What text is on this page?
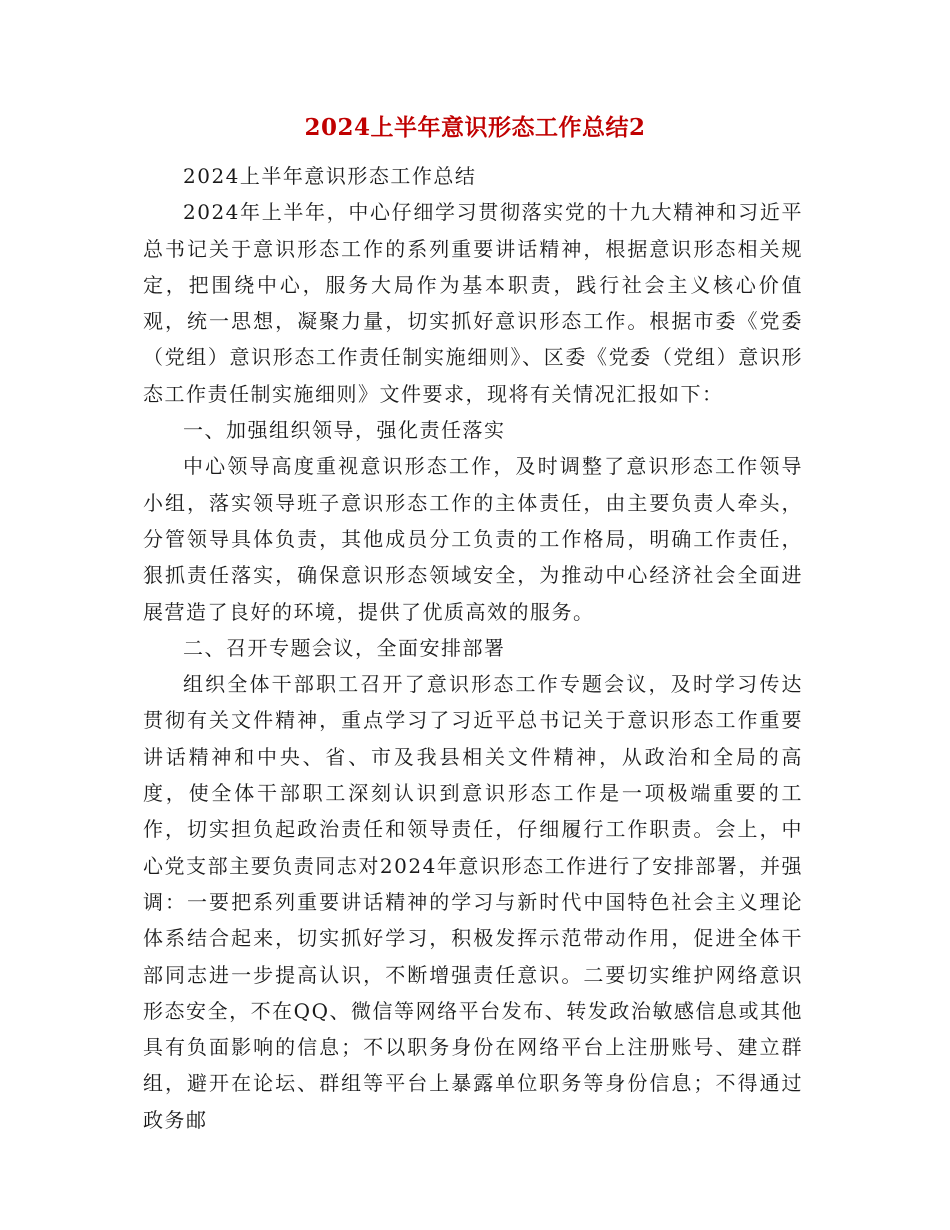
2024上半年意识形态工作总结2

2024上半年意识形态工作总结

2024年上半年，中心仔细学习贯彻落实党的十九大精神和习近平总书记关于意识形态工作的系列重要讲话精神，根据意识形态相关规定，把围绕中心，服务大局作为基本职责，践行社会主义核心价值观，统一思想，凝聚力量，切实抓好意识形态工作。根据市委《党委（党组）意识形态工作责任制实施细则》、区委《党委（党组）意识形态工作责任制实施细则》文件要求，现将有关情况汇报如下：

一、加强组织领导，强化责任落实

中心领导高度重视意识形态工作，及时调整了意识形态工作领导小组，落实领导班子意识形态工作的主体责任，由主要负责人牵头，分管领导具体负责，其他成员分工负责的工作格局，明确工作责任，狠抓责任落实，确保意识形态领域安全，为推动中心经济社会全面进展营造了良好的环境，提供了优质高效的服务。

二、召开专题会议，全面安排部署

组织全体干部职工召开了意识形态工作专题会议，及时学习传达贯彻有关文件精神，重点学习了习近平总书记关于意识形态工作重要讲话精神和中央、省、市及我县相关文件精神，从政治和全局的高度，使全体干部职工深刻认识到意识形态工作是一项极端重要的工作，切实担负起政治责任和领导责任，仔细履行工作职责。会上，中心党支部主要负责同志对2024年意识形态工作进行了安排部署，并强调：一要把系列重要讲话精神的学习与新时代中国特色社会主义理论体系结合起来，切实抓好学习，积极发挥示范带动作用，促进全体干部同志进一步提高认识，不断增强责任意识。二要切实维护网络意识形态安全，不在QQ、微信等网络平台发布、转发政治敏感信息或其他具有负面影响的信息；不以职务身份在网络平台上注册账号、建立群组，避开在论坛、群组等平台上暴露单位职务等身份信息；不得通过政务邮
